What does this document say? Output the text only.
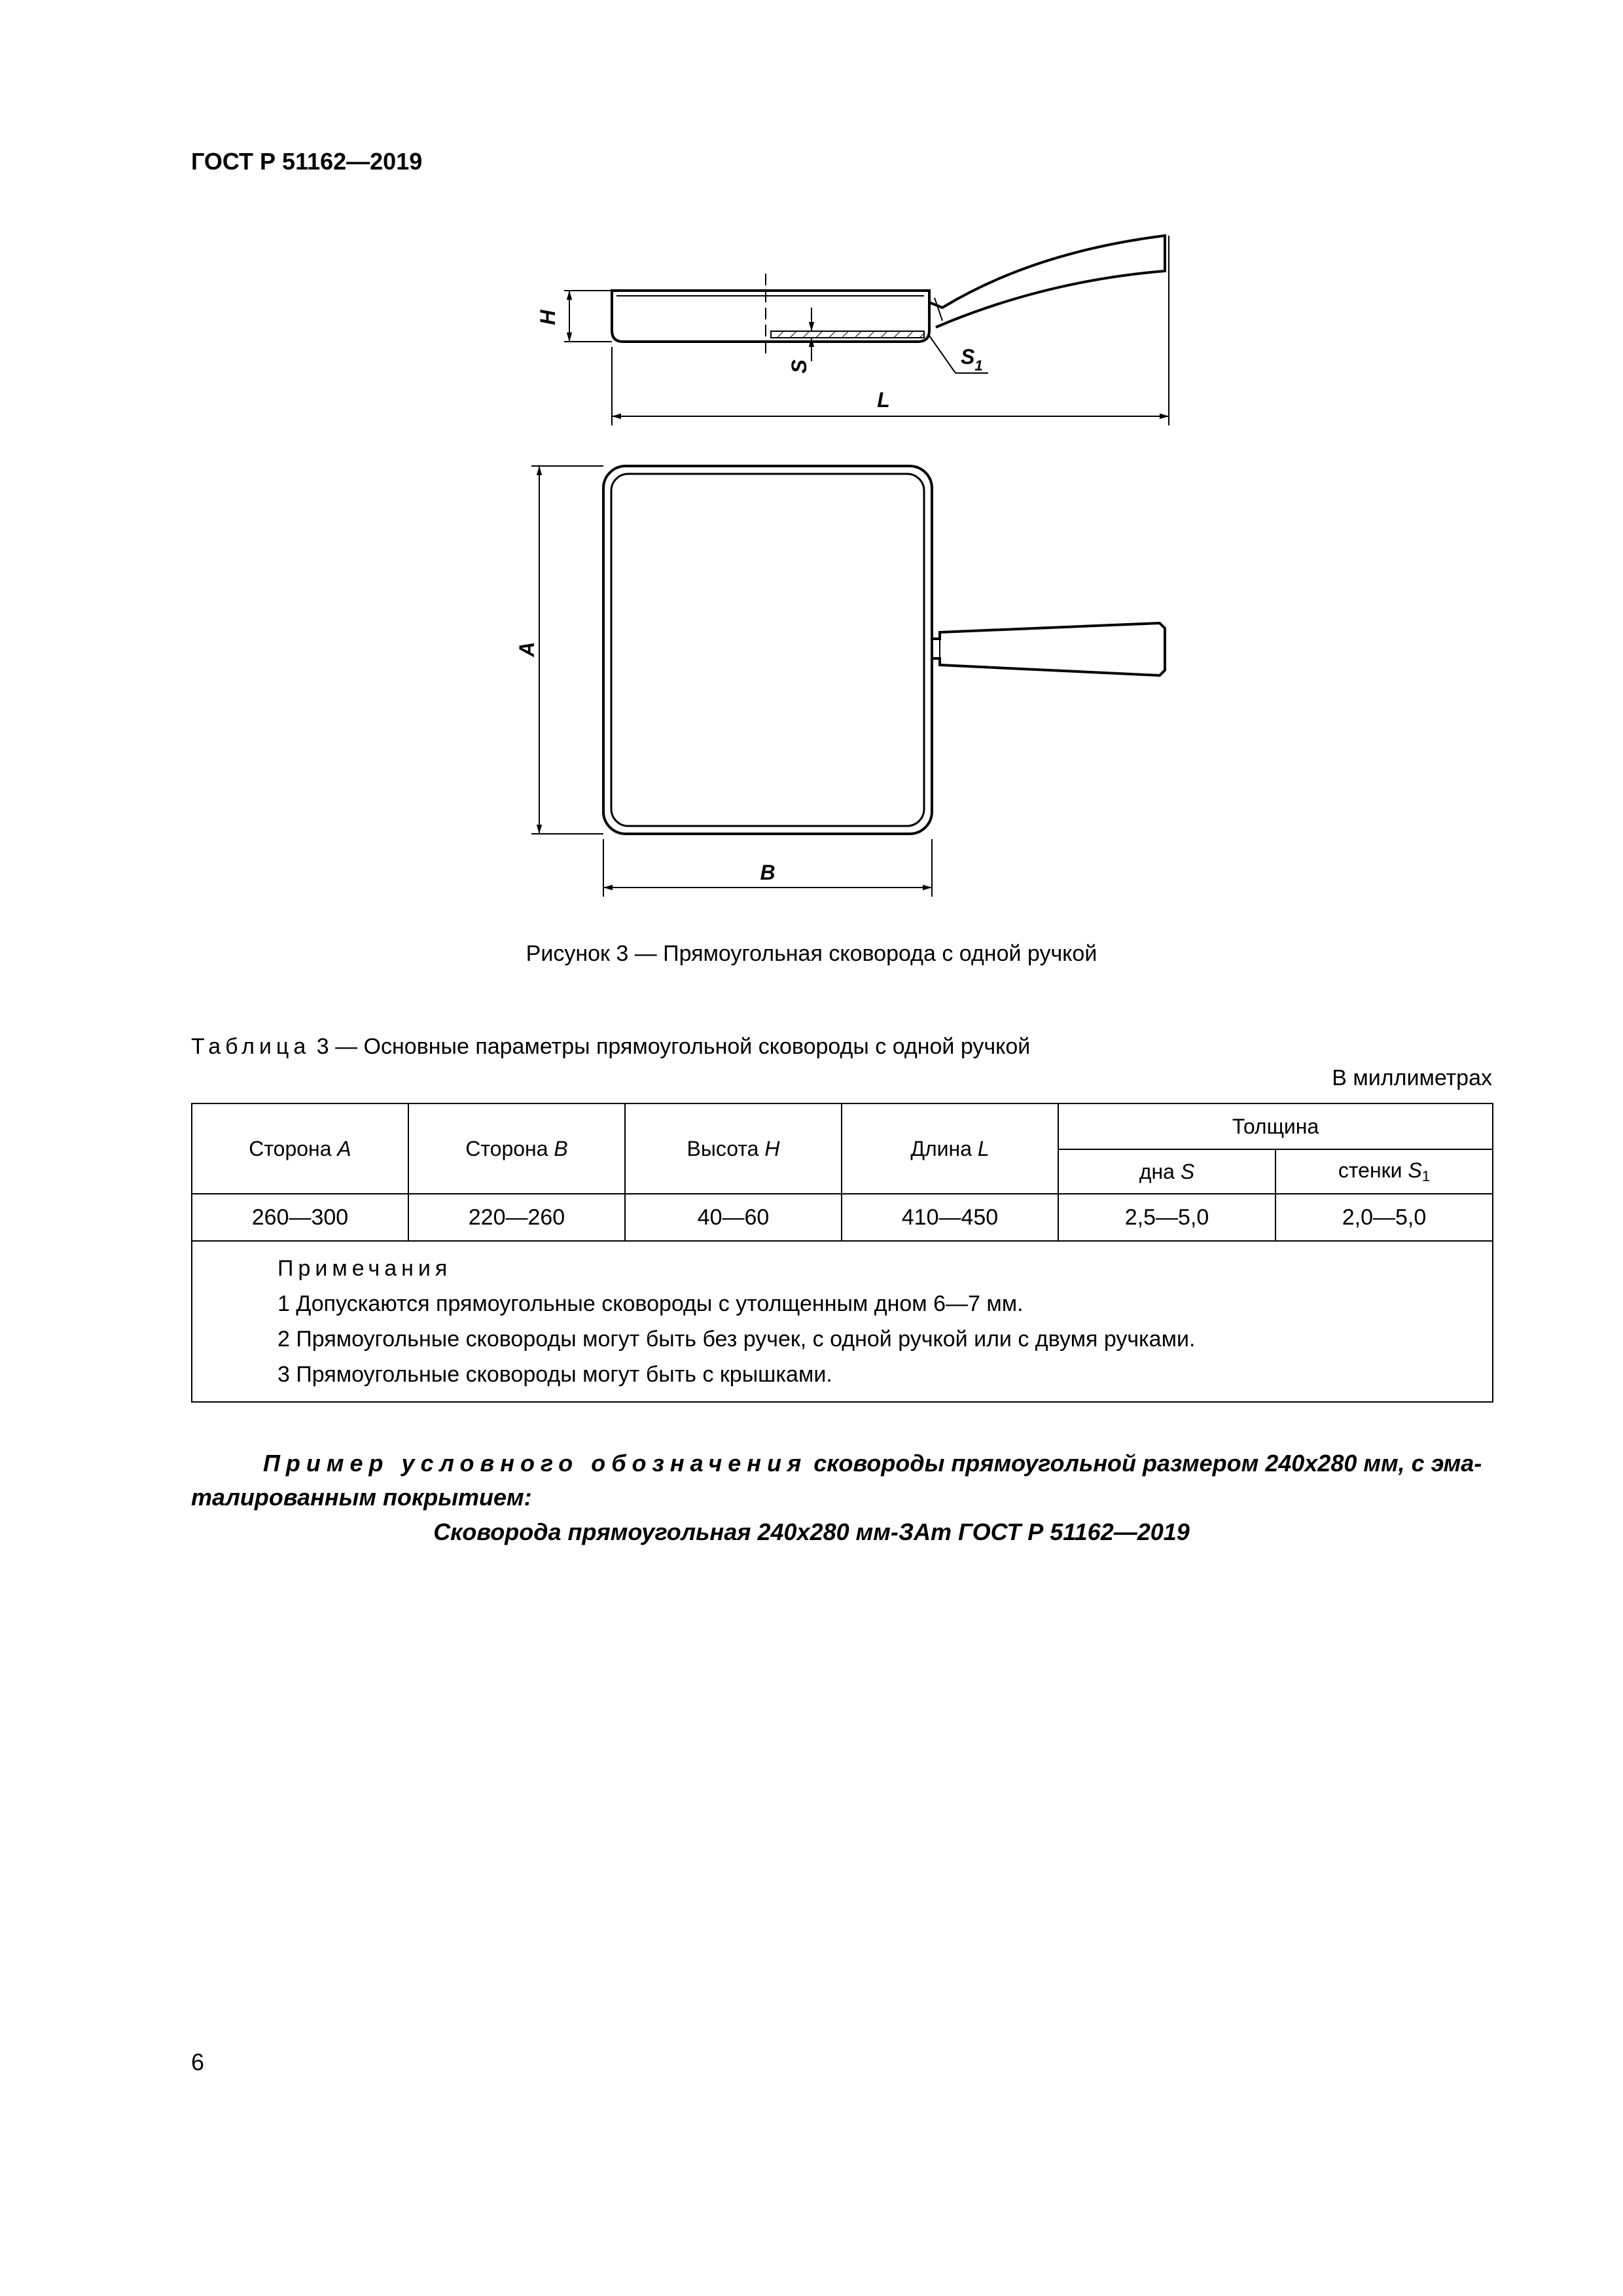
ГОСТ Р 51162—2019
H
S	$S_1$
L
A
B
Рисунок 3 — Прямоугольная сковорода с одной ручкой
Таблица 3 — Основные параметры прямоугольной сковороды с одной ручкой
В миллиметрах
Сторона A	Сторона B	Высота H	Длина L	Толщина	
				дна S	стенки $S_1$
260—300	220—260	40—60	410—450	2,5—5,0	2,0—5,0

Примечания
1 Допускаются прямоугольные сковороды с утолщенным дном 6—7 мм.
2 Прямоугольные сковороды могут быть без ручек, с одной ручкой или с двумя ручками.
3 Прямоугольные сковороды могут быть с крышками.					
Пример условного обозначения сковороды прямоугольной размером 240x280 мм, с эма-
талированным покрытием:
Сковорода прямоугольная 240x280 мм-ЗАт ГОСТ Р 51162—2019
6
